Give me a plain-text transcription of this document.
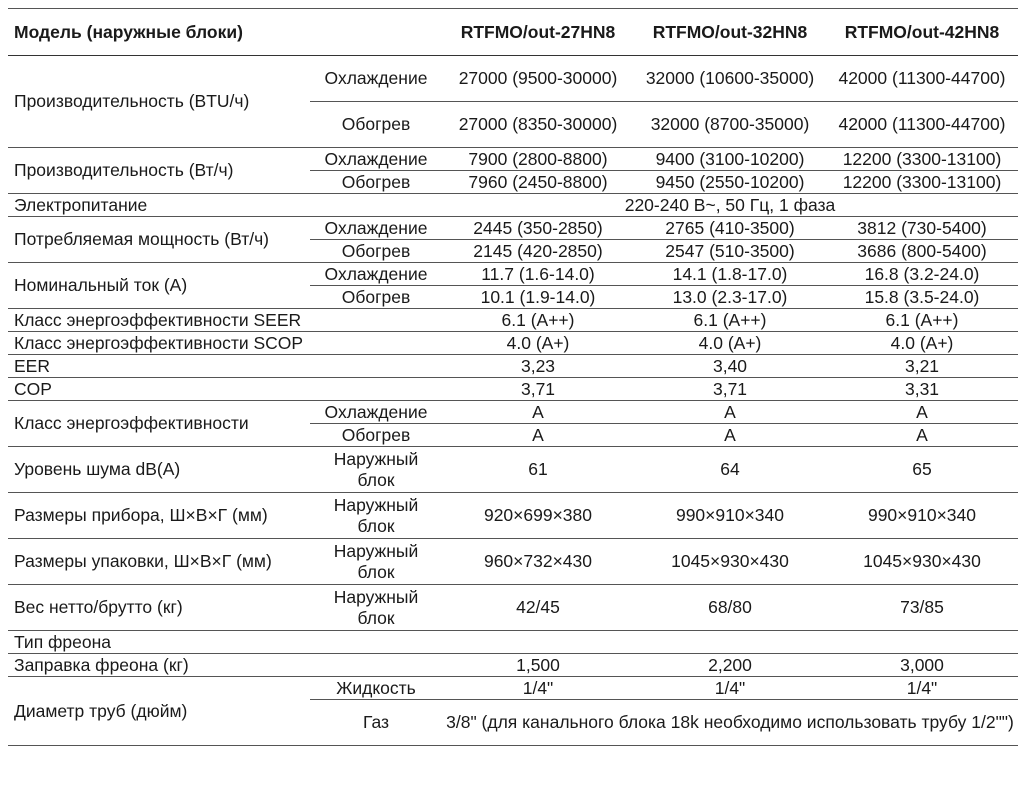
Модель (наружные блоки)		RTFMO/out-27HN8	RTFMO/out-32HN8	RTFMO/out-42HN8
Производительность (BTU/ч)	Охлаждение	27000 (9500-30000)	32000 (10600-35000)	42000 (11300-44700)
	Обогрев	27000 (8350-30000)	32000 (8700-35000)	42000 (11300-44700)
Производительность (Вт/ч)	Охлаждение	7900 (2800-8800)	9400 (3100-10200)	12200 (3300-13100)
	Обогрев	7960 (2450-8800)	9450 (2550-10200)	12200 (3300-13100)
Электропитание		220-240 В~, 50 Гц, 1 фаза		
Потребляемая мощность (Вт/ч)	Охлаждение	2445 (350-2850)	2765 (410-3500)	3812 (730-5400)
	Обогрев	2145 (420-2850)	2547 (510-3500)	3686 (800-5400)
Номинальный ток (А)	Охлаждение	11.7 (1.6-14.0)	14.1 (1.8-17.0)	16.8 (3.2-24.0)
	Обогрев	10.1 (1.9-14.0)	13.0 (2.3-17.0)	15.8 (3.5-24.0)
Класс энергоэффективности SEER		6.1 (А++)	6.1 (А++)	6.1 (А++)
Класс энергоэффективности SCOP		4.0 (А+)	4.0 (А+)	4.0 (А+)
EER		3,23	3,40	3,21
COP		3,71	3,71	3,31
Класс энергоэффективности	Охлаждение	А	А	А
	Обогрев	А	А	А
Уровень шума dB(A)	Наружный блок	61	64	65
Размеры прибора, Ш×В×Г (мм)	Наружный блок	920×699×380	990×910×340	990×910×340
Размеры упаковки, Ш×В×Г (мм)	Наружный блок	960×732×430	1045×930×430	1045×930×430
Вес нетто/брутто (кг)	Наружный блок	42/45	68/80	73/85
Тип фреона				
Заправка фреона (кг)		1,500	2,200	3,000
Диаметр труб (дюйм)	Жидкость	1/4"	1/4"	1/4"
	Газ	3/8" (для канального блока 18k необходимо использовать трубу 1/2"")		
